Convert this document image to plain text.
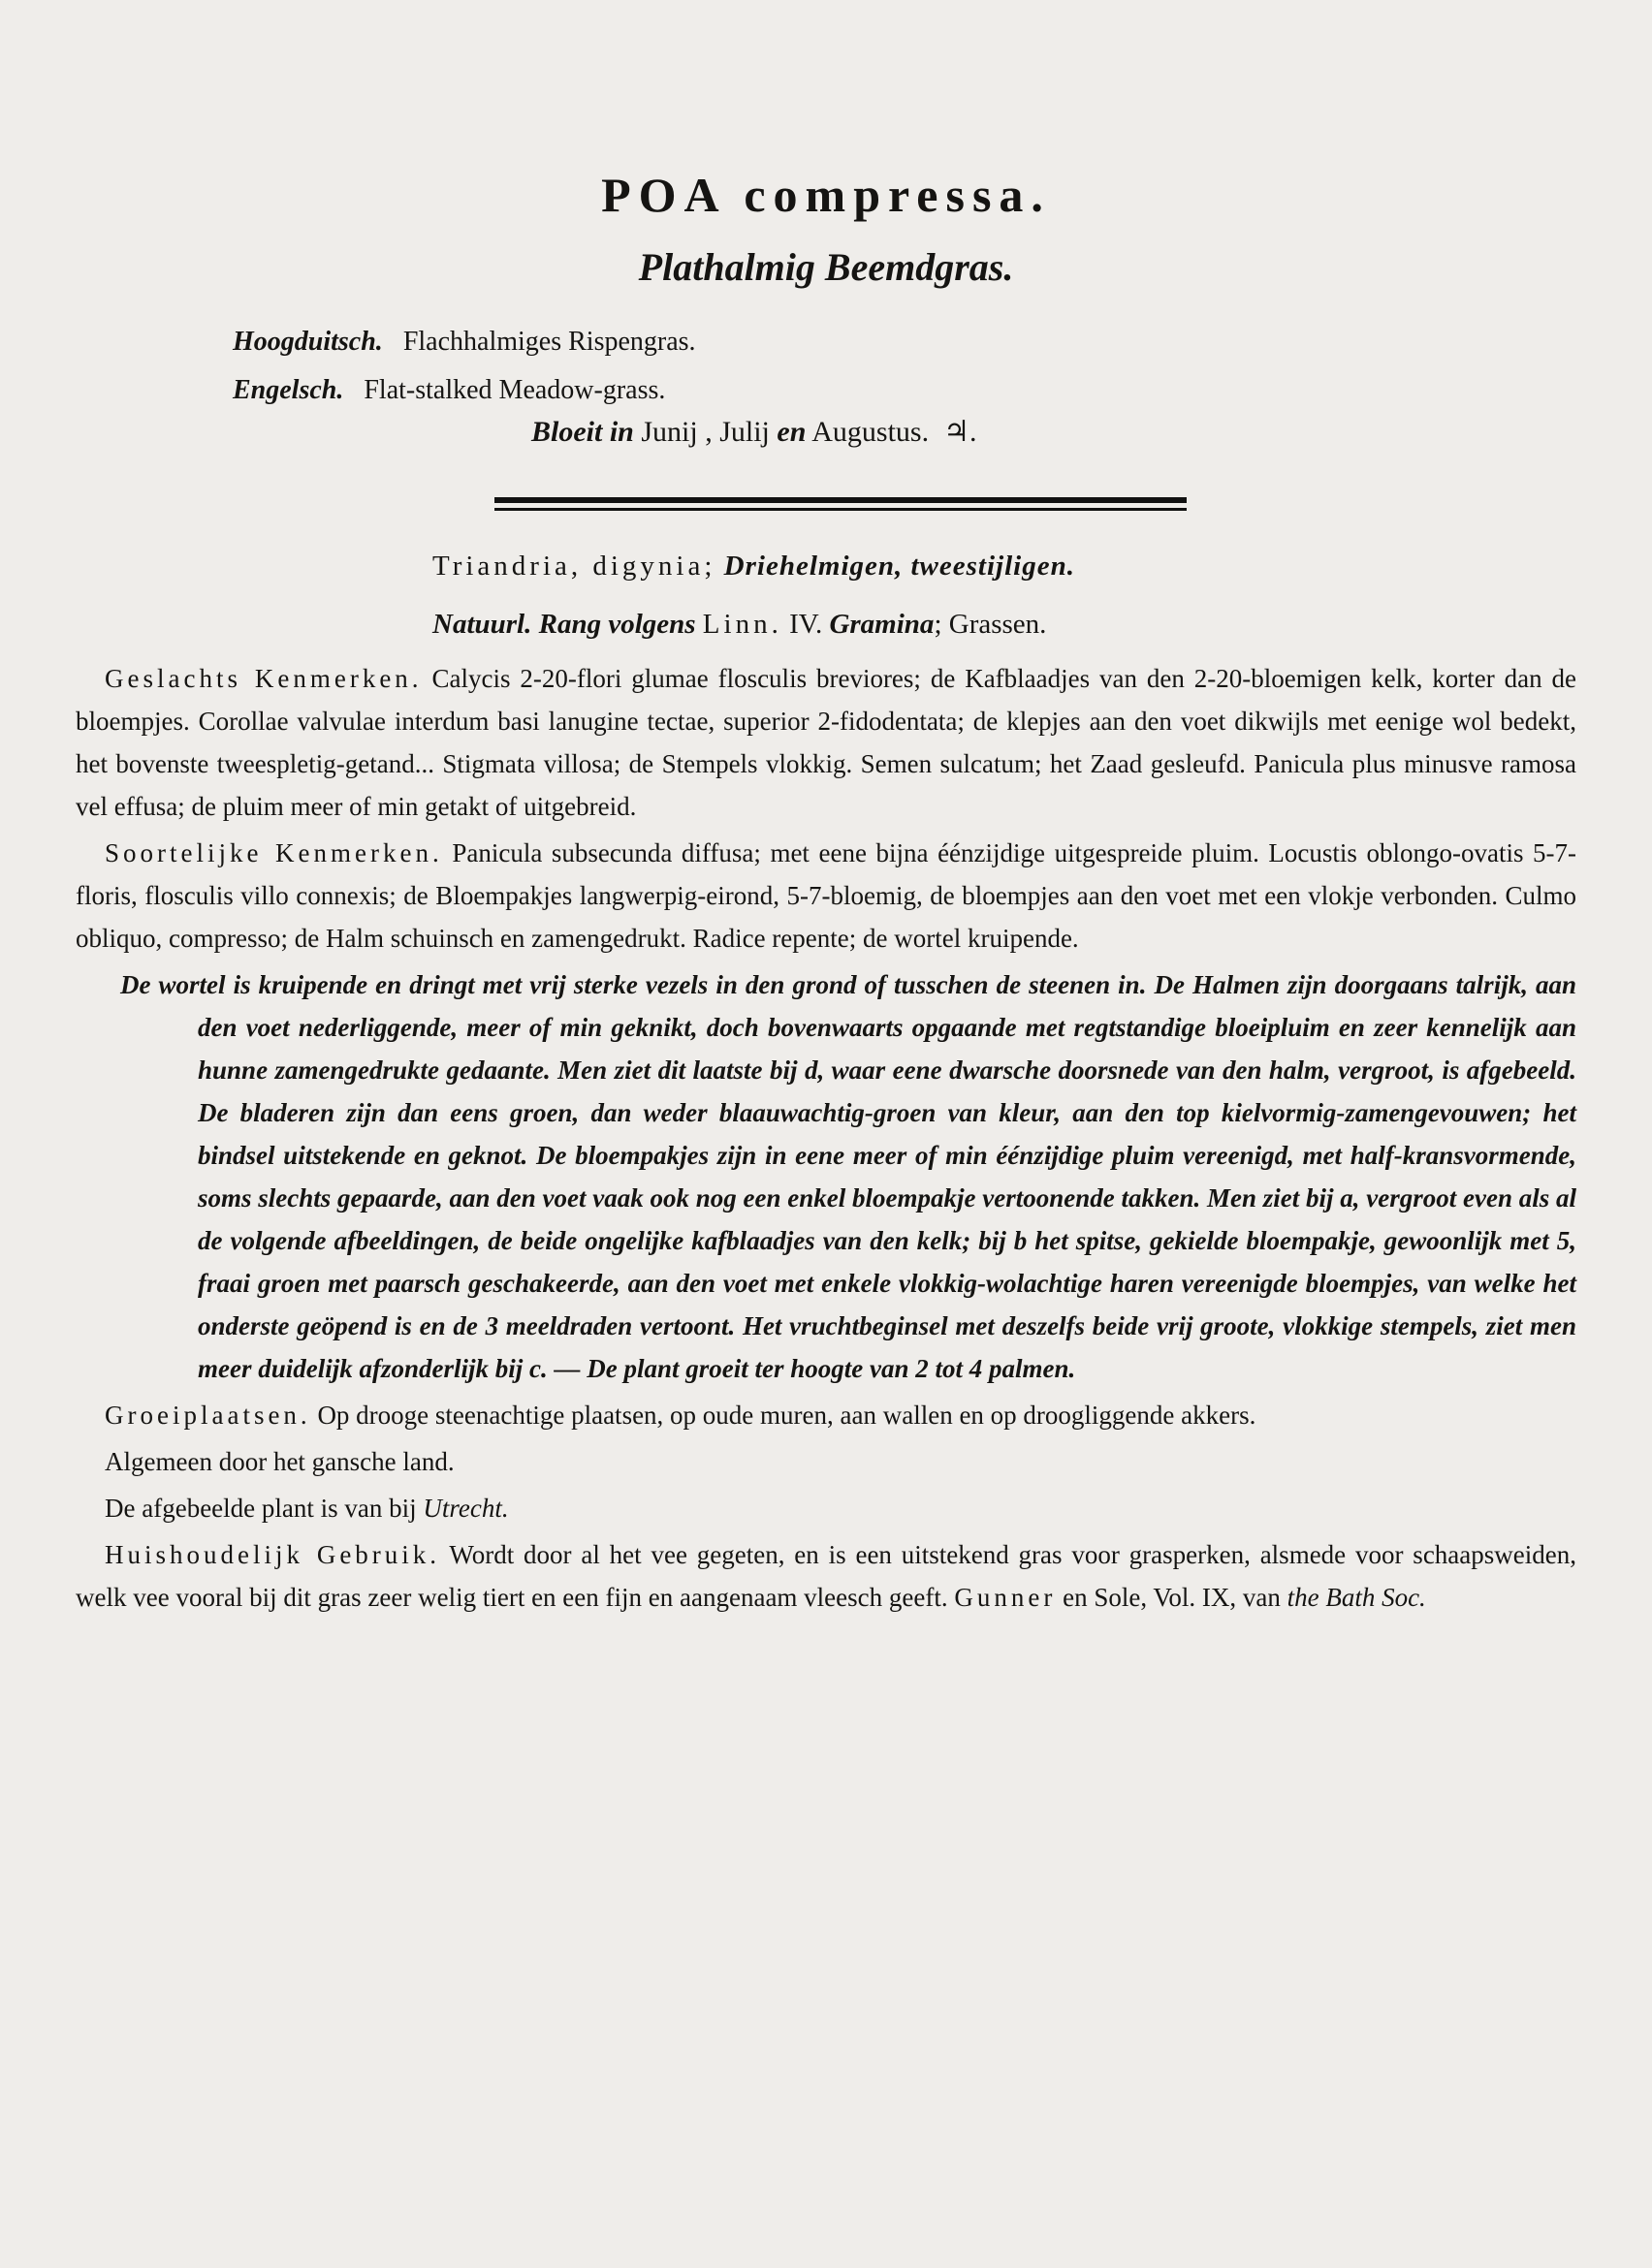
POA compressa.
Plathalmig Beemdgras.
Hoogduitsch. Flachhalmiges Rispengras.
Engelsch. Flat-stalked Meadow-grass.
Bloeit in Junij , Julij en Augustus. ♃.
Triandria, digynia; Driehelmigen, tweestijligen.
Natuurl. Rang volgens Linn. IV. Gramina; Grassen.

Geslachts Kenmerken. Calycis 2-20-flori glumae flosculis breviores; de Kafblaadjes van den 2-20-bloemigen kelk, korter dan de bloempjes. Corollae valvulae interdum basi lanugine tectae, superior 2-fidodentata; de klepjes aan den voet dikwijls met eenige wol bedekt, het bovenste tweespletig-getand... Stigmata villosa; de Stempels vlokkig. Semen sulcatum; het Zaad gesleufd. Panicula plus minusve ramosa vel effusa; de pluim meer of min getakt of uitgebreid.

Soortelijke Kenmerken. Panicula subsecunda diffusa; met eene bijna éénzijdige uitgespreide pluim. Locustis oblongo-ovatis 5-7-floris, flosculis villo connexis; de Bloempakjes langwerpig-eirond, 5-7-bloemig, de bloempjes aan den voet met een vlokje verbonden. Culmo obliquo, compresso; de Halm schuinsch en zamengedrukt. Radice repente; de wortel kruipende.

De wortel is kruipende en dringt met vrij sterke vezels in den grond of tusschen de steenen in. De Halmen zijn doorgaans talrijk, aan den voet nederliggende, meer of min geknikt, doch bovenwaarts opgaande met regtstandige bloeipluim en zeer kennelijk aan hunne zamengedrukte gedaante. Men ziet dit laatste bij d, waar eene dwarsche doorsnede van den halm, vergroot, is afgebeeld. De bladeren zijn dan eens groen, dan weder blaauwachtig-groen van kleur, aan den top kielvormig-zamengevouwen; het bindsel uitstekende en geknot. De bloempakjes zijn in eene meer of min éénzijdige pluim vereenigd, met half-kransvormende, soms slechts gepaarde, aan den voet vaak ook nog een enkel bloempakje vertoonende takken. Men ziet bij a, vergroot even als al de volgende afbeeldingen, de beide ongelijke kafblaadjes van den kelk; bij b het spitse, gekielde bloempakje, gewoonlijk met 5, fraai groen met paarsch geschakeerde, aan den voet met enkele vlokkig-wolachtige haren vereenigde bloempjes, van welke het onderste geöpend is en de 3 meeldraden vertoont. Het vruchtbeginsel met deszelfs beide vrij groote, vlokkige stempels, ziet men meer duidelijk afzonderlijk bij c. — De plant groeit ter hoogte van 2 tot 4 palmen.

Groeiplaatsen. Op drooge steenachtige plaatsen, op oude muren, aan wallen en op droogliggende akkers.

Algemeen door het gansche land.

De afgebeelde plant is van bij Utrecht.

Huishoudelijk Gebruik. Wordt door al het vee gegeten, en is een uitstekend gras voor grasperken, alsmede voor schaapsweiden, welk vee vooral bij dit gras zeer welig tiert en een fijn en aangenaam vleesch geeft. Gunner en Sole, Vol. IX, van the Bath Soc.
